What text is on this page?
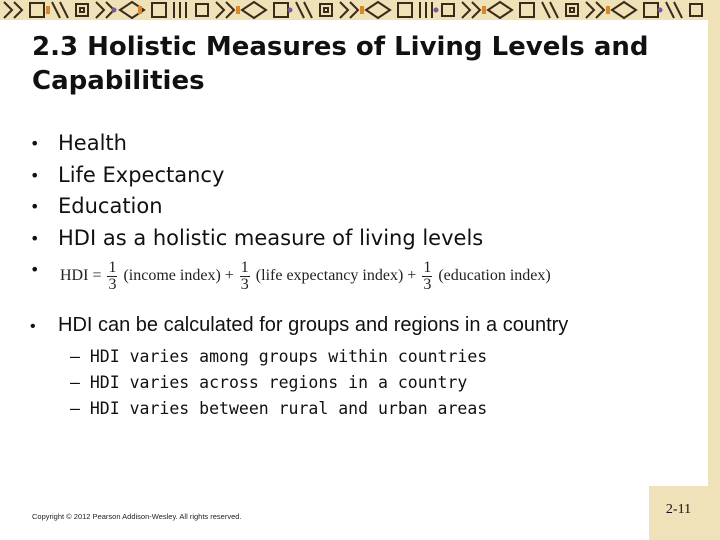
2.3 Holistic Measures of Living Levels and Capabilities
• Health
• Life Expectancy
• Education
• HDI as a holistic measure of living levels
• HDI = $\frac{1}{3}$ (income index) + $\frac{1}{3}$ (life expectancy index) + $\frac{1}{3}$ (education index)
• HDI can be calculated for groups and regions in a country
– HDI varies among groups within countries
– HDI varies across regions in a country
– HDI varies between rural and urban areas
Copyright © 2012 Pearson Addison-Wesley. All rights reserved.	2-11
